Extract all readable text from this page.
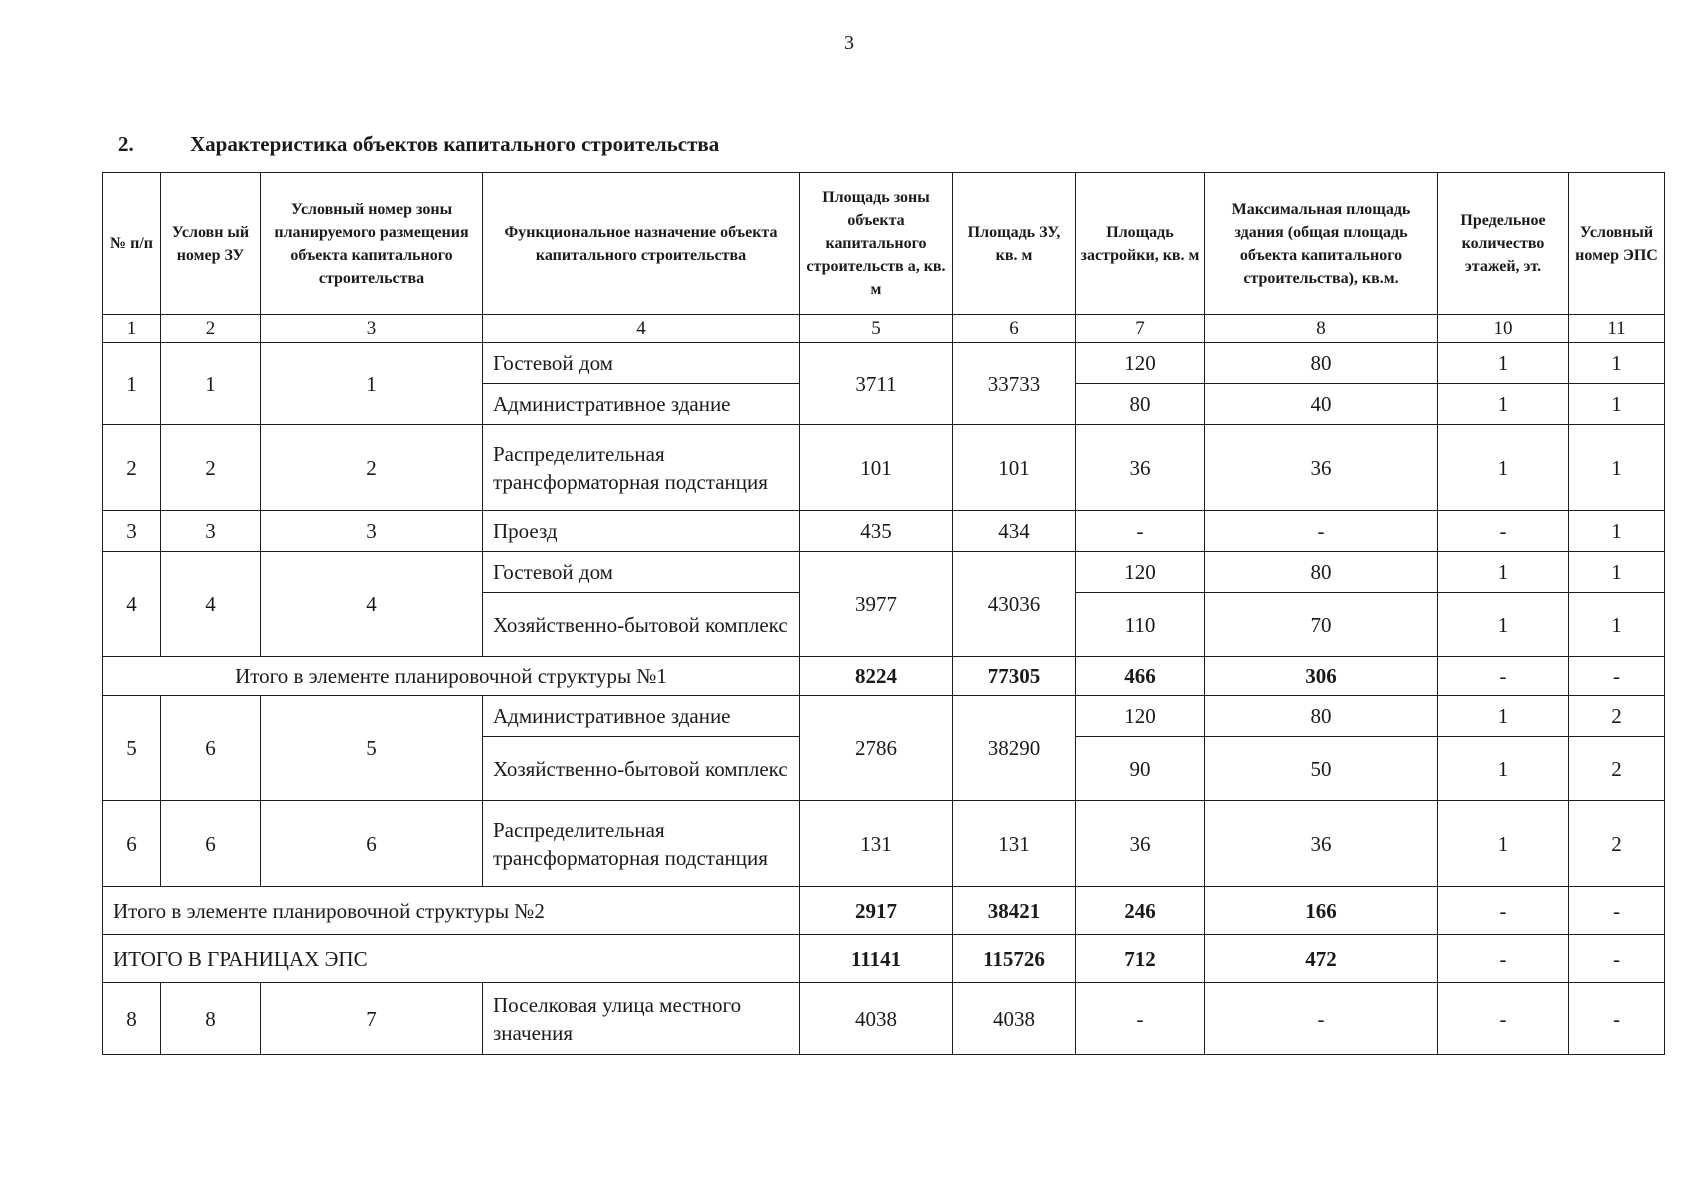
3
2.	Характеристика объектов капитального строительства
№ п/п	Условн ый номер ЗУ	Условный номер зоны планируемого размещения объекта капитального строительства	Функциональное назначение объекта капитального строительства	Площадь зоны объекта капитального строительств а, кв. м	Площадь ЗУ, кв. м	Площадь застройки, кв. м	Максимальная площадь здания (общая площадь объекта капитального строительства), кв.м.	Предельное количество этажей, эт.	Условный номер ЭПС
1	2	3	4	5	6	7	8	10	11
1	1	1	Гостевой дом	3711	33733	120	80	1	1
			Административное здание			80	40	1	1
2	2	2	Распределительная трансформаторная подстанция	101	101	36	36	1	1
3	3	3	Проезд	435	434	-	-	-	1
4	4	4	Гостевой дом	3977	43036	120	80	1	1
			Хозяйственно-бытовой комплекс			110	70	1	1
Итого в элементе планировочной структуры №1				8224	77305	466	306	-	-
5	6	5	Административное здание	2786	38290	120	80	1	2
			Хозяйственно-бытовой комплекс			90	50	1	2
6	6	6	Распределительная трансформаторная подстанция	131	131	36	36	1	2
Итого в элементе планировочной структуры №2				2917	38421	246	166	-	-
ИТОГО В ГРАНИЦАХ ЭПС				11141	115726	712	472	-	-
8	8	7	Поселковая улица местного значения	4038	4038	-	-	-	-
